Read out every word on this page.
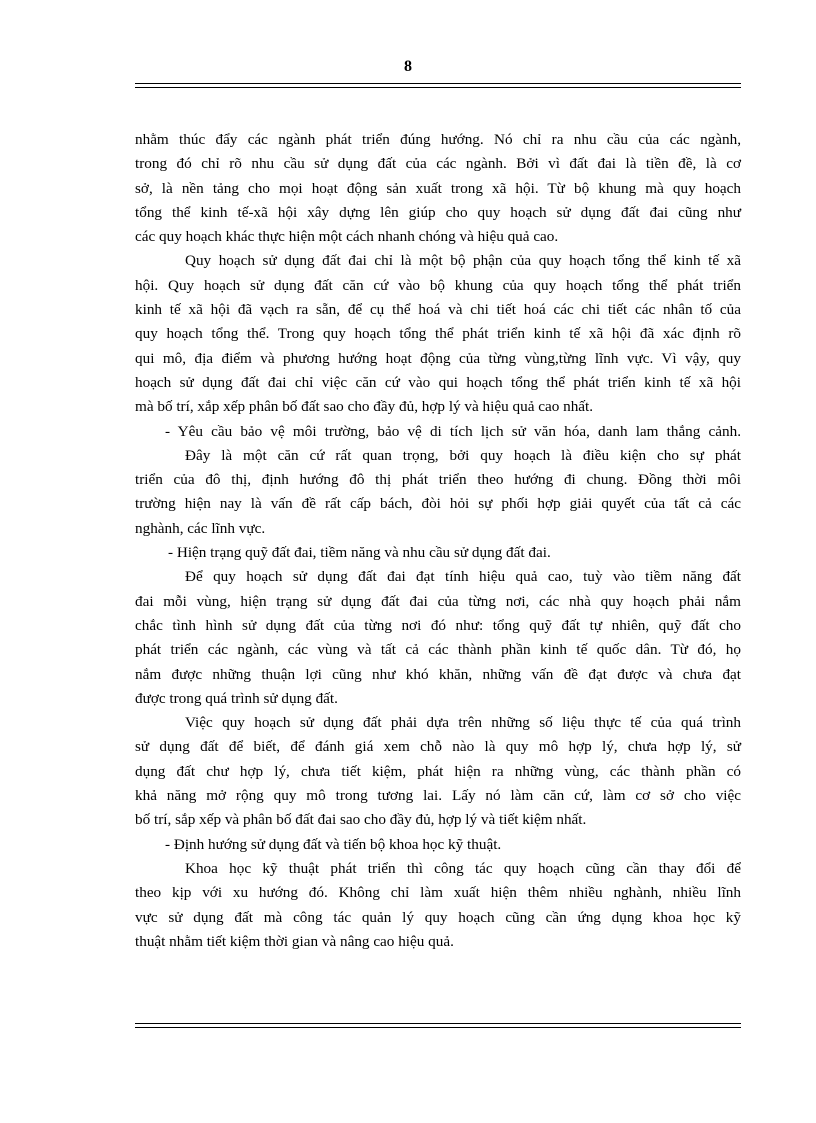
8
nhằm thúc đẩy các ngành phát triển đúng hướng. Nó chỉ ra nhu cầu của các ngành,
trong đó chỉ rõ nhu cầu sử dụng đất của các ngành. Bởi vì đất đai là tiền đề, là cơ
sở, là nền tảng cho mọi hoạt động sản xuất trong xã hội. Từ bộ khung mà quy hoạch
tổng thể kinh tế-xã hội xây dựng lên giúp cho quy hoạch sử dụng đất đai cũng như
các quy hoạch khác thực hiện một cách nhanh chóng và hiệu quả cao.
Quy hoạch sử dụng đất đai chỉ là một bộ phận của quy hoạch tổng thể kinh tế xã
hội. Quy hoạch sử dụng đất căn cứ vào bộ khung của quy hoạch tổng thể phát triển
kinh tế xã hội đã vạch ra sẵn, để cụ thể hoá và chi tiết hoá các chi tiết các nhân tố của
quy hoạch tổng thể. Trong quy hoạch tổng thể phát triển kinh tế xã hội đã xác định rõ
qui mô, địa điểm và phương hướng hoạt động của từng vùng,từng lĩnh vực. Vì vậy, quy
hoạch sử dụng đất đai chỉ việc căn cứ vào qui hoạch tổng thể phát triển kinh tế xã hội
mà bố trí, xắp xếp phân bố đất sao cho đầy đủ, hợp lý và hiệu quả cao nhất.
- Yêu cầu bảo vệ môi trường, bảo vệ di tích lịch sử văn hóa, danh lam thắng cảnh.
Đây là một căn cứ rất quan trọng, bởi quy hoạch là điều kiện cho sự phát
triển của đô thị, định hướng đô thị phát triển theo hướng đi chung. Đồng thời môi
trường hiện nay là vấn đề rất cấp bách, đòi hỏi sự phối hợp giải quyết của tất cả các
nghành, các lĩnh vực.
- Hiện trạng quỹ đất đai, tiềm năng và nhu cầu sử dụng đất đai.
Để quy hoạch sử dụng đất đai đạt tính hiệu quả cao, tuỳ vào tiềm năng đất
đai mỗi vùng, hiện trạng sử dụng đất đai của từng nơi, các nhà quy hoạch phải nắm
chắc tình hình sử dụng đất của từng nơi đó như: tổng quỹ đất tự nhiên, quỹ đất cho
phát triển các ngành, các vùng và tất cả các thành phần kinh tế quốc dân. Từ đó, họ
nắm được những thuận lợi cũng như khó khăn, những vấn đề đạt được và chưa đạt
được trong quá trình sử dụng đất.
Việc quy hoạch sử dụng đất phải dựa trên những số liệu thực tế của quá trình
sử dụng đất để biết, để đánh giá xem chỗ nào là quy mô hợp lý, chưa hợp lý, sử
dụng đất chư hợp lý, chưa tiết kiệm, phát hiện ra những vùng, các thành phần có
khả năng mở rộng quy mô trong tương lai. Lấy nó làm căn cứ, làm cơ sở cho việc
bố trí, sắp xếp và phân bố đất đai sao cho đầy đủ, hợp lý và tiết kiệm nhất.
- Định hướng sử dụng đất và tiến bộ khoa học kỹ thuật.
Khoa học kỹ thuật phát triển thì công tác quy hoạch cũng cần thay đổi để
theo kịp với xu hướng đó. Không chỉ làm xuất hiện thêm nhiều nghành, nhiều lĩnh
vực sử dụng đất mà công tác quản lý quy hoạch cũng cần ứng dụng khoa học kỹ
thuật nhằm tiết kiệm thời gian và nâng cao hiệu quả.
